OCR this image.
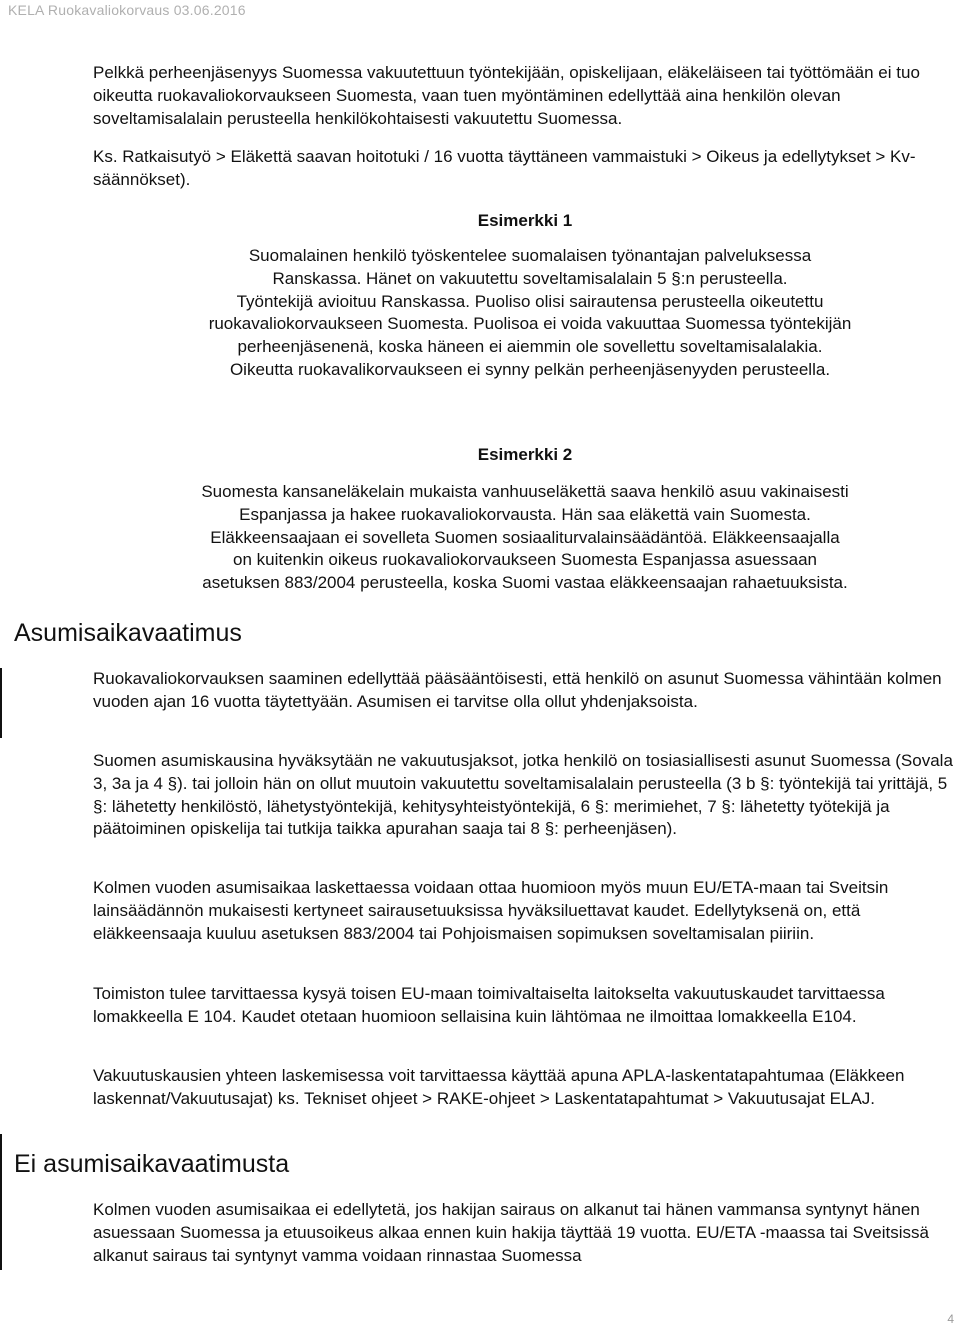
KELA Ruokavaliokorvaus 03.06.2016

Pelkkä perheenjäsenyys Suomessa vakuutettuun työntekijään, opiskelijaan, eläkeläiseen tai työttömään ei tuo oikeutta ruokavaliokorvaukseen Suomesta, vaan tuen myöntäminen edellyttää aina henkilön olevan soveltamisalalain perusteella henkilökohtaisesti vakuutettu Suomessa.

Ks. Ratkaisutyö > Eläkettä saavan hoitotuki / 16 vuotta täyttäneen vammaistuki > Oikeus ja edellytykset > Kv-säännökset).

Esimerkki 1
Suomalainen henkilö työskentelee suomalaisen työnantajan palveluksessa
Ranskassa. Hänet on vakuutettu soveltamisalalain 5 §:n perusteella.
Työntekijä avioituu Ranskassa. Puoliso olisi sairautensa perusteella oikeutettu
ruokavaliokorvaukseen Suomesta. Puolisoa ei voida vakuuttaa Suomessa työntekijän
perheenjäsenenä, koska häneen ei aiemmin ole sovellettu soveltamisalalakia.
Oikeutta ruokavalikorvaukseen ei synny pelkän perheenjäsenyyden perusteella.
Esimerkki 2
Suomesta kansaneläkelain mukaista vanhuuseläkettä saava henkilö asuu vakinaisesti
Espanjassa ja hakee ruokavaliokorvausta. Hän saa eläkettä vain Suomesta.
Eläkkeensaajaan ei sovelleta Suomen sosiaaliturvalainsäädäntöä. Eläkkeensaajalla
on kuitenkin oikeus ruokavaliokorvaukseen Suomesta Espanjassa asuessaan
asetuksen 883/2004 perusteella, koska Suomi vastaa eläkkeensaajan rahaetuuksista.
Asumisaikavaatimus

Ruokavaliokorvauksen saaminen edellyttää pääsääntöisesti, että henkilö on asunut Suomessa vähintään kolmen vuoden ajan 16 vuotta täytettyään. Asumisen ei tarvitse olla ollut yhdenjaksoista.

Suomen asumiskausina hyväksytään ne vakuutusjaksot, jotka henkilö on tosiasiallisesti asunut Suomessa (Sovala 3, 3a ja 4 §). tai jolloin hän on ollut muutoin vakuutettu soveltamisalalain perusteella (3 b §: työntekijä tai yrittäjä, 5 §: lähetetty henkilöstö, lähetystyöntekijä, kehitysyhteistyöntekijä, 6 §: merimiehet, 7 §: lähetetty työtekijä ja päätoiminen opiskelija tai tutkija taikka apurahan saaja tai 8 §: perheenjäsen).

Kolmen vuoden asumisaikaa laskettaessa voidaan ottaa huomioon myös muun EU/ETA-maan tai Sveitsin lainsäädännön mukaisesti kertyneet sairausetuuksissa hyväksiluettavat kaudet. Edellytyksenä on, että eläkkeensaaja kuuluu asetuksen 883/2004 tai Pohjoismaisen sopimuksen soveltamisalan piiriin.

Toimiston tulee tarvittaessa kysyä toisen EU-maan toimivaltaiselta laitokselta vakuutuskaudet tarvittaessa lomakkeella E 104. Kaudet otetaan huomioon sellaisina kuin lähtömaa ne ilmoittaa lomakkeella E104.

Vakuutuskausien yhteen laskemisessa voit tarvittaessa käyttää apuna APLA-laskentatapahtumaa (Eläkkeen laskennat/Vakuutusajat) ks. Tekniset ohjeet > RAKE-ohjeet > Laskentatapahtumat > Vakuutusajat ELAJ.

Ei asumisaikavaatimusta

Kolmen vuoden asumisaikaa ei edellytetä, jos hakijan sairaus on alkanut tai hänen vammansa syntynyt hänen asuessaan Suomessa ja etuusoikeus alkaa ennen kuin hakija täyttää 19 vuotta. EU/ETA -maassa tai Sveitsissä alkanut sairaus tai syntynyt vamma voidaan rinnastaa Suomessa

4
